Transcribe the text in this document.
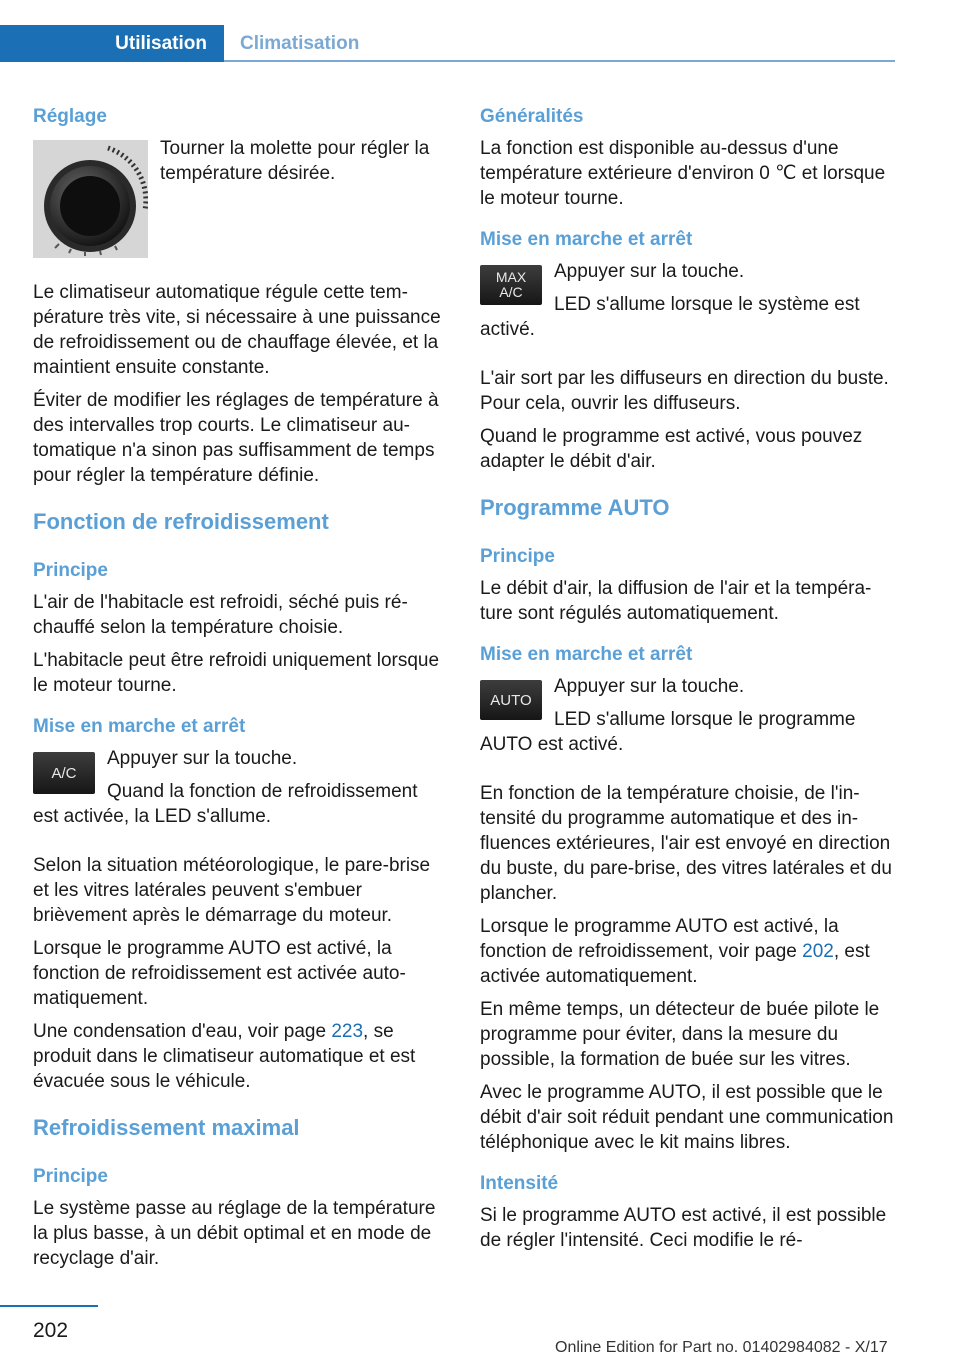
Utilisation	Climatisation
Réglage

Tourner la molette pour régler la température désirée.

Le climatiseur automatique régule cette température très vite, si nécessaire à une puissance de refroidissement ou de chauffage élevée, et la maintient ensuite constante.

Éviter de modifier les réglages de température à des intervalles trop courts. Le climatiseur automatique n'a sinon pas suffisamment de temps pour régler la température définie.

Fonction de refroidissement
Principe

L'air de l'habitacle est refroidi, séché puis réchauffé selon la température choisie.

L'habitacle peut être refroidi uniquement lorsque le moteur tourne.

Mise en marche et arrêt
A/C

Appuyer sur la touche.

Quand la fonction de refroidissement est activée, la LED s'allume.

Selon la situation météorologique, le pare-brise et les vitres latérales peuvent s'embuer brièvement après le démarrage du moteur.

Lorsque le programme AUTO est activé, la fonction de refroidissement est activée automatiquement.

Une condensation d'eau, voir page 223, se produit dans le climatiseur automatique et est évacuée sous le véhicule.

Refroidissement maximal
Principe

Le système passe au réglage de la température la plus basse, à un débit optimal et en mode de recyclage d'air.

Généralités

La fonction est disponible au-dessus d'une température extérieure d'environ 0 ℃ et lorsque le moteur tourne.

Mise en marche et arrêt
MAX A/C

Appuyer sur la touche.

LED s'allume lorsque le système est activé.

L'air sort par les diffuseurs en direction du buste. Pour cela, ouvrir les diffuseurs.

Quand le programme est activé, vous pouvez adapter le débit d'air.

Programme AUTO
Principe

Le débit d'air, la diffusion de l'air et la température sont régulés automatiquement.

Mise en marche et arrêt
AUTO

Appuyer sur la touche.

LED s'allume lorsque le programme AUTO est activé.

En fonction de la température choisie, de l'intensité du programme automatique et des influences extérieures, l'air est envoyé en direction du buste, du pare-brise, des vitres latérales et du plancher.

Lorsque le programme AUTO est activé, la fonction de refroidissement, voir page 202, est activée automatiquement.

En même temps, un détecteur de buée pilote le programme pour éviter, dans la mesure du possible, la formation de buée sur les vitres.

Avec le programme AUTO, il est possible que le débit d'air soit réduit pendant une communication téléphonique avec le kit mains libres.

Intensité

Si le programme AUTO est activé, il est possible de régler l'intensité. Ceci modifie le ré-

202
Online Edition for Part no. 01402984082 - X/17
